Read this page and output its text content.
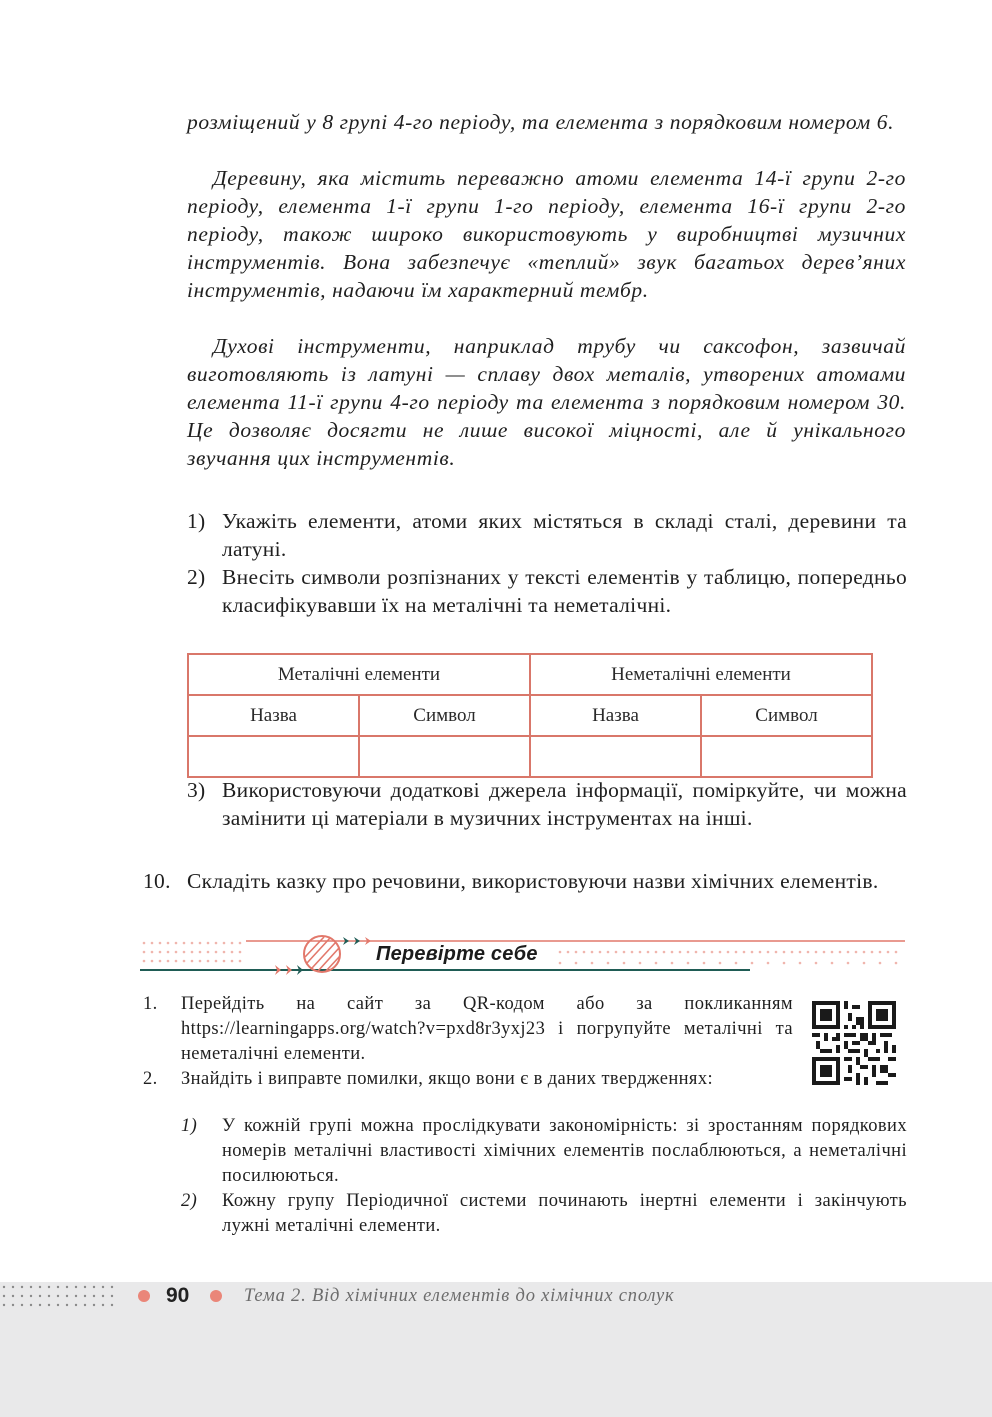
розміщений у 8 групі 4-го періоду, та елемента з порядковим номером 6.

Деревину, яка містить переважно атоми елемента 14-ї групи 2-го періоду, елемента 1-ї групи 1-го періоду, елемента 16-ї групи 2-го періоду, також широко використовують у виробництві музичних інструментів. Вона забезпечує «теплий» звук багатьох дерев’яних інструментів, надаючи їм характерний тембр.

Духові інструменти, наприклад трубу чи саксофон, зазвичай виготовляють із латуні — сплаву двох металів, утворених атомами елемента 11-ї групи 4-го періоду та елемента з порядковим номером 30. Це дозволяє досягти не лише високої міцності, але й унікального звучання цих інструментів.

1) Укажіть елементи, атоми яких містяться в складі сталі, деревини та латуні.
2) Внесіть символи розпізнаних у тексті елементів у таблицю, попередньо класифікувавши їх на металічні та неметалічні.
Металічні елементи		Неметалічні елементи	
Назва	Символ	Назва	Символ

3) Використовуючи додаткові джерела інформації, поміркуйте, чи можна замінити ці матеріали в музичних інструментах на інші.
10. Складіть казку про речовини, використовуючи назви хімічних елементів.
Перевірте себе
1.	Перейдіть на сайт за QR-кодом або за покликанням https://learningapps.org/watch?v=pxd8r3yxj23 і погрупуйте металічні та неметалічні елементи.
2.	Знайдіть і виправте помилки, якщо вони є в даних твердженнях:
1)	У кожній групі можна прослідкувати закономірність: зі зростанням порядкових номерів металічні властивості хімічних елементів послаблюються, а неметалічні посилюються.
2)	Кожну групу Періодичної системи починають інертні елементи і закінчують лужні металічні елементи.
90	Тема 2. Від хімічних елементів до хімічних сполук
